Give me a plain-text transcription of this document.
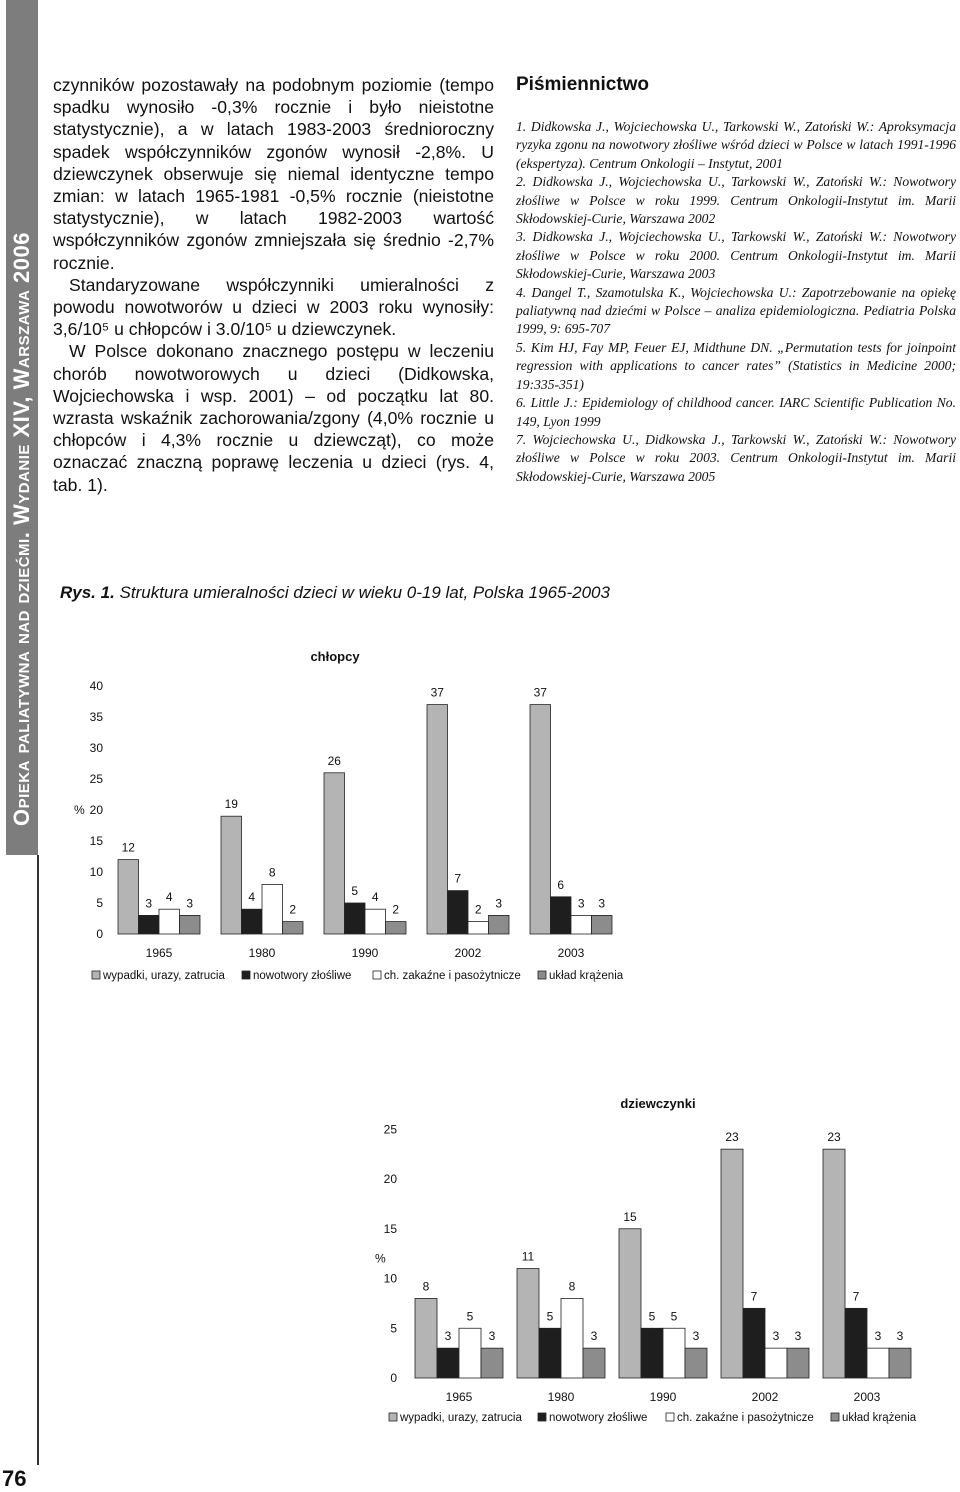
Opieka paliatywna nad dziećmi. Wydanie XIV, Warszawa 2006
76

czynników pozostawały na podobnym poziomie (tempo spadku wynosiło -0,3% rocznie i było nieistotne statystycznie), a w latach 1983-2003 średnioroczny spadek współczynników zgonów wynosił -2,8%. U dziewczynek obserwuje się niemal identyczne tempo zmian: w latach 1965-1981 -0,5% rocznie (nieistotne statystycznie), w latach 1982-2003 wartość współczynników zgonów zmniejszała się średnio -2,7% rocznie.

Standaryzowane współczynniki umieralności z powodu nowotworów u dzieci w 2003 roku wynosiły: 3,6/10⁵ u chłopców i 3.0/10⁵ u dziewczynek.

W Polsce dokonano znacznego postępu w leczeniu chorób nowotworowych u dzieci (Didkowska, Wojciechowska i wsp. 2001) – od początku lat 80. wzrasta wskaźnik zachorowania/zgony (4,0% rocznie u chłopców i 4,3% rocznie u dziewcząt), co może oznaczać znaczną poprawę leczenia u dzieci (rys. 4, tab. 1).

Piśmiennictwo

1. Didkowska J., Wojciechowska U., Tarkowski W., Zatoński W.: Aproksymacja ryzyka zgonu na nowotwory złośliwe wśród dzieci w Polsce w latach 1991-1996 (ekspertyza). Centrum Onkologii – Instytut, 2001

2. Didkowska J., Wojciechowska U., Tarkowski W., Zatoński W.: Nowotwory złośliwe w Polsce w roku 1999. Centrum Onkologii-Instytut im. Marii Skłodowskiej-Curie, Warszawa 2002

3. Didkowska J., Wojciechowska U., Tarkowski W., Zatoński W.: Nowotwory złośliwe w Polsce w roku 2000. Centrum Onkologii-Instytut im. Marii Skłodowskiej-Curie, Warszawa 2003

4. Dangel T., Szamotulska K., Wojciechowska U.: Zapotrzebowanie na opiekę paliatywną nad dziećmi w Polsce – analiza epidemiologiczna. Pediatria Polska 1999, 9: 695-707

5. Kim HJ, Fay MP, Feuer EJ, Midthune DN. „Permutation tests for joinpoint regression with applications to cancer rates” (Statistics in Medicine 2000; 19:335-351)

6. Little J.: Epidemiology of childhood cancer. IARC Scientific Publication No. 149, Lyon 1999

7. Wojciechowska U., Didkowska J., Tarkowski W., Zatoński W.: Nowotwory złośliwe w Polsce w roku 2003. Centrum Onkologii-Instytut im. Marii Skłodowskiej-Curie, Warszawa 2005

Rys. 1. Struktura umieralności dzieci w wieku 0-19 lat, Polska 1965-2003
chłopcy
0
5
10
15
20
25
30
35
40
%
12
3 4 3
1965
19
4
8
2
1980
26
5 4
2
1990
37
7
2 3
2002
37
6
3 3
2003
wypadki, urazy, zatrucia nowotwory złośliwe	ch. zakaźne i pasożytnicze układ krążenia
dziewczynki
0
5
10
15
20
25
%
8
3
5
3
1965
11
5
8
3
1980
15
5 5
3
1990
23
7
3 3
2002
23
7
3 3
2003
wypadki, urazy, zatrucia nowotwory złośliwe	ch. zakaźne i pasożytnicze układ krążenia
